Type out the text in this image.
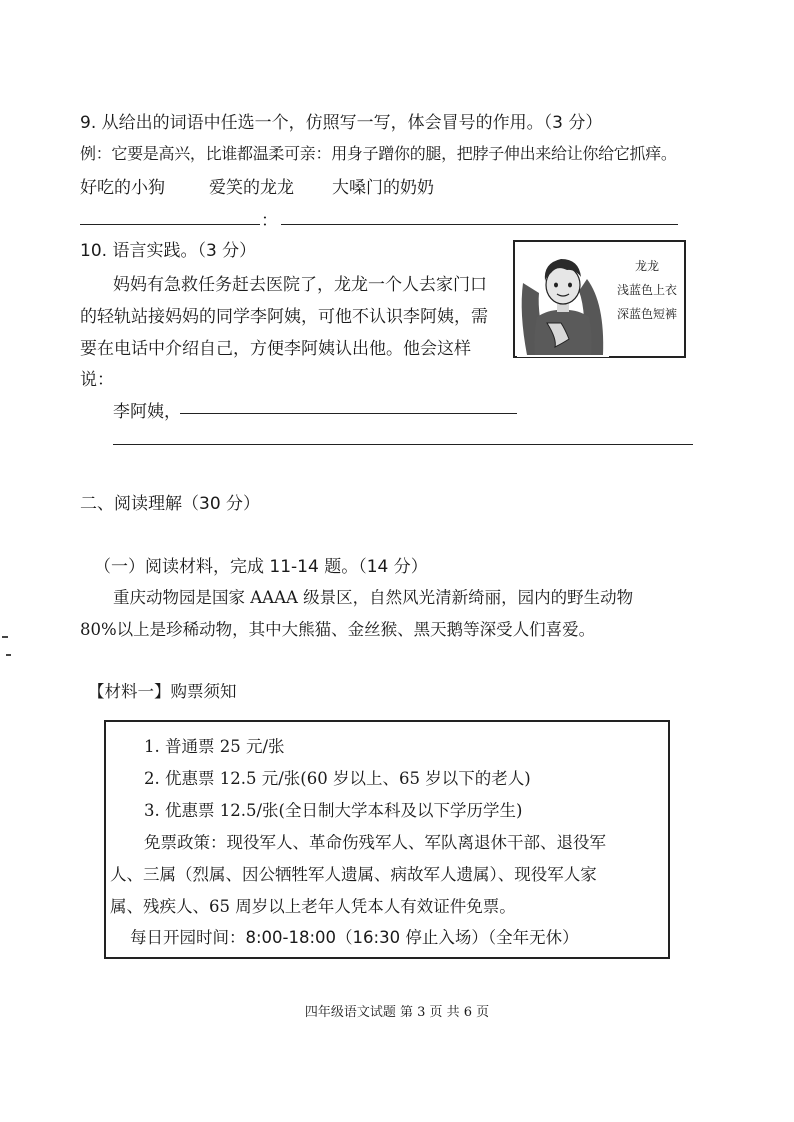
9. 从给出的词语中任选一个，仿照写一写，体会冒号的作用。（3 分）
例：它要是高兴，比谁都温柔可亲：用身子蹭你的腿，把脖子伸出来给让你给它抓痒。
好吃的小狗	爱笑的龙龙 大嗓门的奶奶
：
10. 语言实践。（3 分）
妈妈有急救任务赶去医院了，龙龙一个人去家门口
的轻轨站接妈妈的同学李阿姨，可他不认识李阿姨，需
要在电话中介绍自己，方便李阿姨认出他。他会这样
说：
龙龙
浅蓝色上衣
深蓝色短裤
李阿姨，
二、阅读理解（30 分）
（一）阅读材料，完成 11-14 题。（14 分）
重庆动物园是国家 AAAA 级景区，自然风光清新绮丽，园内的野生动物
80%以上是珍稀动物，其中大熊猫、金丝猴、黑天鹅等深受人们喜爱。
【材料一】购票须知
1. 普通票 25 元/张
2. 优惠票 12.5 元/张(60 岁以上、65 岁以下的老人)
3. 优惠票 12.5/张(全日制大学本科及以下学历学生)
免票政策：现役军人、革命伤残军人、军队离退休干部、退役军
人、三属（烈属、因公牺牲军人遗属、病故军人遗属）、现役军人家
属、残疾人、65 周岁以上老年人凭本人有效证件免票。
每日开园时间：8:00-18:00（16:30 停止入场）（全年无休）
四年级语文试题 第 3 页 共 6 页
